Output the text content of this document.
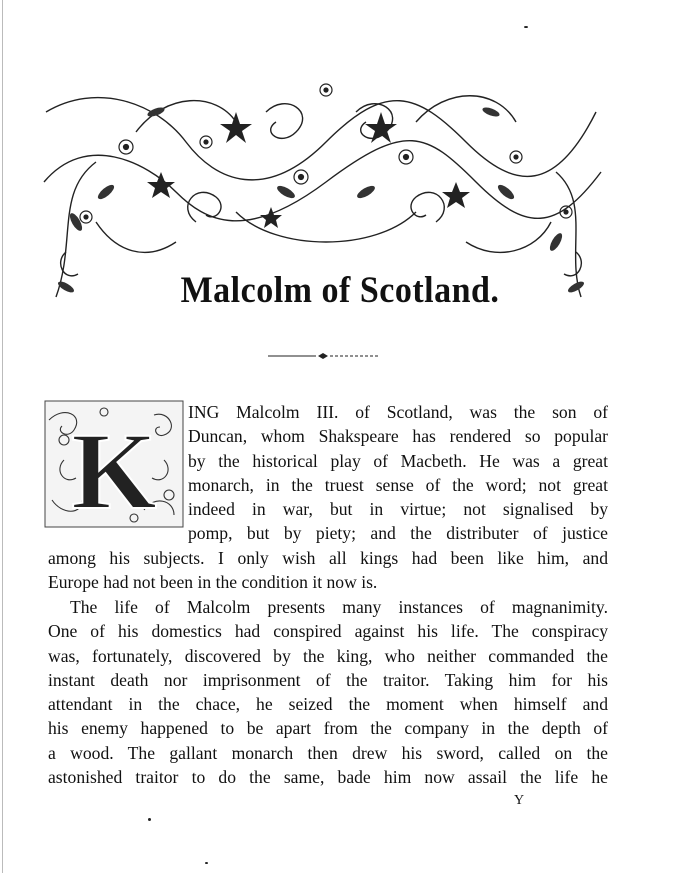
Malcolm of Scotland.
K ING Malcolm III. of Scotland, was the son of
Duncan, whom Shakspeare has rendered so popular
by the historical play of Macbeth. He was a great
monarch, in the truest sense of the word; not great
indeed in war, but in virtue; not signalised by
pomp, but by piety; and the distributer of justice
among his subjects. I only wish all kings had been like him, and
Europe had not been in the condition it now is.
The life of Malcolm presents many instances of magnanimity.
One of his domestics had conspired against his life. The conspiracy
was, fortunately, discovered by the king, who neither commanded the
instant death nor imprisonment of the traitor. Taking him for his
attendant in the chace, he seized the moment when himself and
his enemy happened to be apart from the company in the depth of
a wood. The gallant monarch then drew his sword, called on the
astonished traitor to do the same, bade him now assail the life he
Y
